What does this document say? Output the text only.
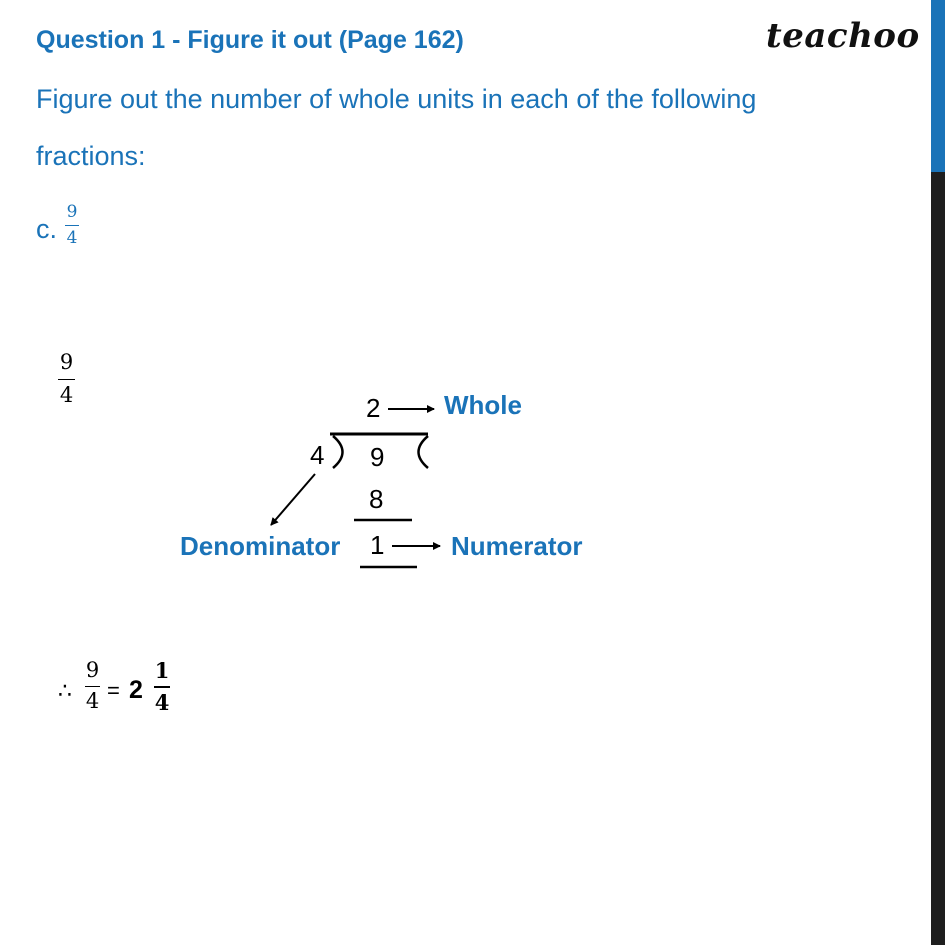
Question 1 - Figure it out (Page 162)	teachoo
Figure out the number of whole units in each of the following
fractions:
c.
9
4
9
4	2 Whole
4 9
8
1	Numerator
Denominator
∴
9
4 = 2
1
4
